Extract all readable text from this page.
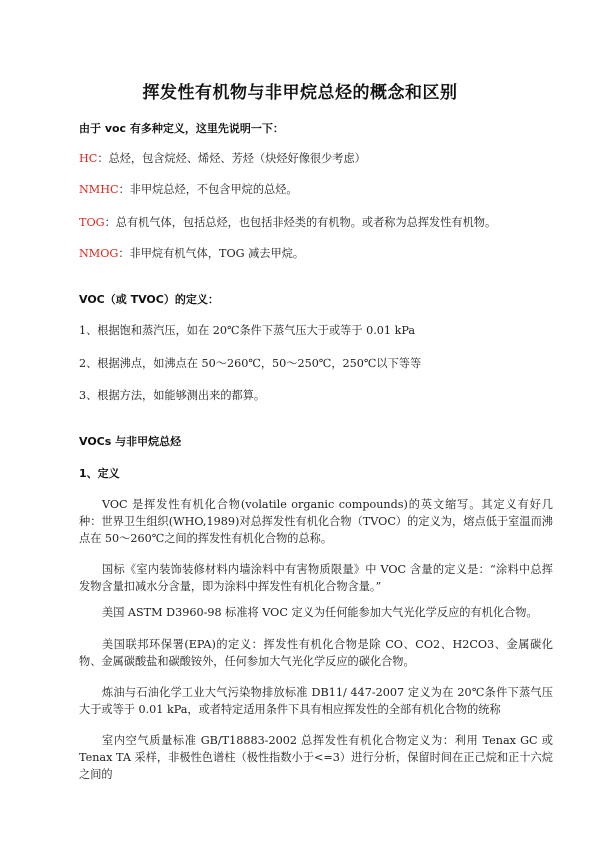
挥发性有机物与非甲烷总烃的概念和区别
由于 voc 有多种定义，这里先说明一下：
HC：总烃，包含烷烃、烯烃、芳烃（炔烃好像很少考虑）
NMHC：非甲烷总烃，不包含甲烷的总烃。
TOG：总有机气体，包括总烃，也包括非烃类的有机物。或者称为总挥发性有机物。
NMOG：非甲烷有机气体，TOG 减去甲烷。
VOC（或 TVOC）的定义：
1、根据饱和蒸汽压，如在 20℃条件下蒸气压大于或等于 0.01 kPa
2、根据沸点，如沸点在 50～260℃，50～250℃，250℃以下等等
3、根据方法，如能够测出来的都算。
VOCs 与非甲烷总烃
1、定义
VOC 是挥发性有机化合物(volatile organic compounds)的英文缩写。其定义有好几种：世界卫生组织(WHO,1989)对总挥发性有机化合物（TVOC）的定义为，熔点低于室温而沸点在 50～260℃之间的挥发性有机化合物的总称。
国标《室内装饰装修材料内墙涂料中有害物质限量》中 VOC 含量的定义是：“涂料中总挥发物含量扣减水分含量，即为涂料中挥发性有机化合物含量。”
美国 ASTM D3960-98 标准将 VOC 定义为任何能参加大气光化学反应的有机化合物。
美国联邦环保署(EPA)的定义：挥发性有机化合物是除 CO、CO2、H2CO3、金属碳化物、金属碳酸盐和碳酸铵外，任何参加大气光化学反应的碳化合物。
炼油与石油化学工业大气污染物排放标准 DB11/ 447-2007 定义为在 20℃条件下蒸气压大于或等于 0.01 kPa，或者特定适用条件下具有相应挥发性的全部有机化合物的统称
室内空气质量标准 GB/T18883-2002 总挥发性有机化合物定义为：利用 Tenax GC 或 Tenax TA 采样，非极性色谱柱（极性指数小于<=3）进行分析，保留时间在正己烷和正十六烷之间的
